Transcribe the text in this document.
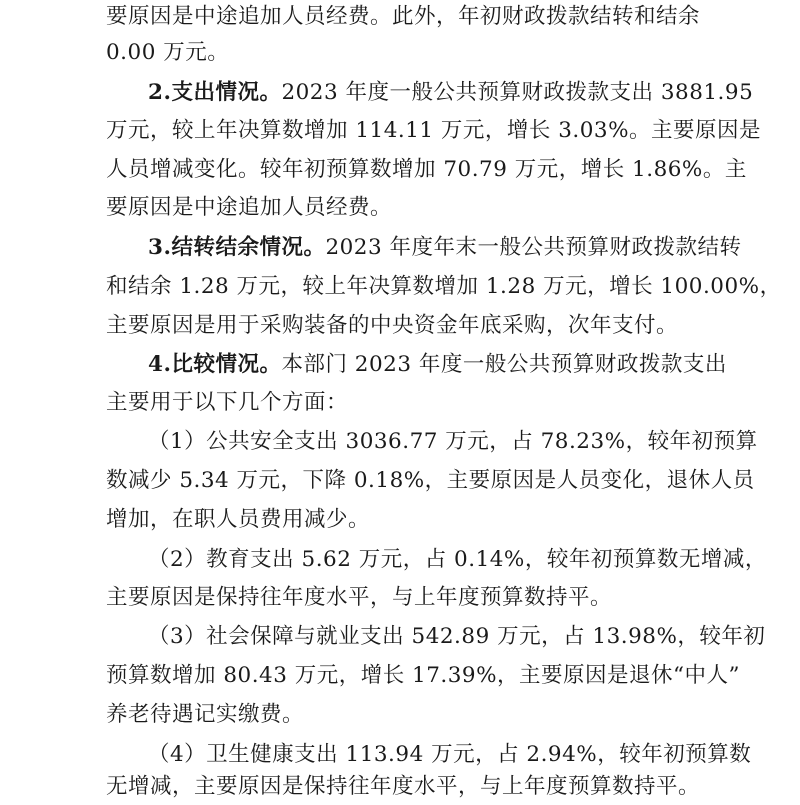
要原因是中途追加人员经费。此外，年初财政拨款结转和结余
0.00 万元。
2.支出情况。2023 年度一般公共预算财政拨款支出 3881.95
万元，较上年决算数增加 114.11 万元，增长 3.03%。主要原因是
人员增减变化。较年初预算数增加 70.79 万元，增长 1.86%。主
要原因是中途追加人员经费。
3.结转结余情况。2023 年度年末一般公共预算财政拨款结转
和结余 1.28 万元，较上年决算数增加 1.28 万元，增长 100.00%，
主要原因是用于采购装备的中央资金年底采购，次年支付。
4.比较情况。本部门 2023 年度一般公共预算财政拨款支出
主要用于以下几个方面：
（1）公共安全支出 3036.77 万元，占 78.23%，较年初预算
数减少 5.34 万元，下降 0.18%，主要原因是人员变化，退休人员
增加，在职人员费用减少。
（2）教育支出 5.62 万元，占 0.14%，较年初预算数无增减，
主要原因是保持往年度水平，与上年度预算数持平。
（3）社会保障与就业支出 542.89 万元，占 13.98%，较年初
预算数增加 80.43 万元，增长 17.39%，主要原因是退休“中人”
养老待遇记实缴费。
（4）卫生健康支出 113.94 万元，占 2.94%，较年初预算数
无增减，主要原因是保持往年度水平，与上年度预算数持平。
